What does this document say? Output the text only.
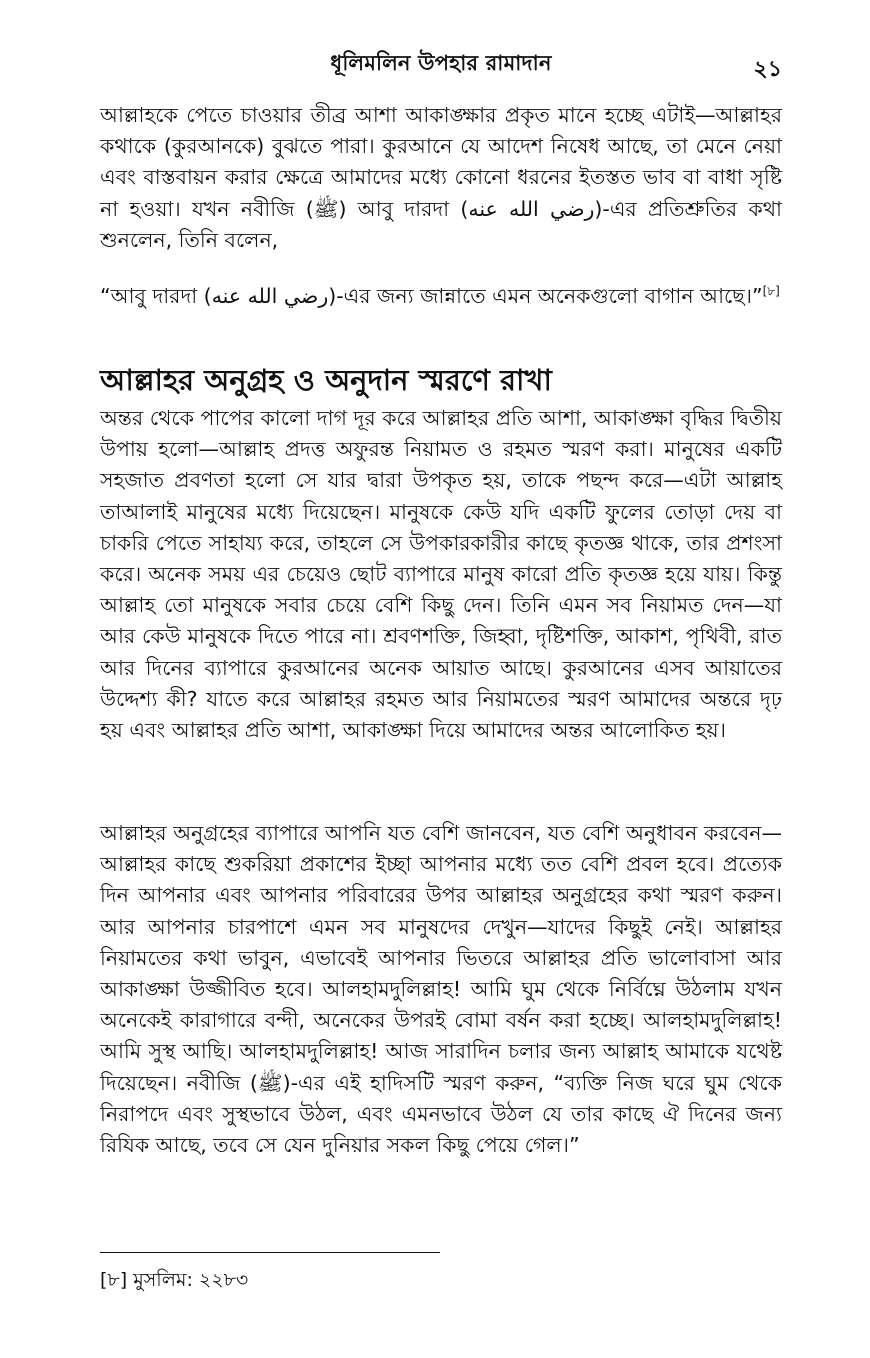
ধূলিমলিন উপহার রামাদান	২১

আল্লাহকে পেতে চাওয়ার তীব্র আশা আকাঙ্ক্ষার প্রকৃত মানে হচ্ছে এটাই—আল্লাহর কথাকে (কুরআনকে) বুঝতে পারা। কুরআনে যে আদেশ নিষেধ আছে, তা মেনে নেয়া এবং বাস্তবায়ন করার ক্ষেত্রে আমাদের মধ্যে কোনো ধরনের ইতস্তত ভাব বা বাধা সৃষ্টি না হওয়া। যখন নবীজি (ﷺ) আবু দারদা (رضي الله عنه)-এর প্রতিশ্রুতির কথা শুনলেন, তিনি বলেন,

“আবু দারদা (رضي الله عنه)-এর জন্য জান্নাতে এমন অনেকগুলো বাগান আছে।”[৮]

আল্লাহর অনুগ্রহ ও অনুদান স্মরণে রাখা

অন্তর থেকে পাপের কালো দাগ দূর করে আল্লাহর প্রতি আশা, আকাঙ্ক্ষা বৃদ্ধির দ্বিতীয় উপায় হলো—আল্লাহ প্রদত্ত অফুরন্ত নিয়ামত ও রহমত স্মরণ করা। মানুষের একটি সহজাত প্রবণতা হলো সে যার দ্বারা উপকৃত হয়, তাকে পছন্দ করে—এটা আল্লাহ তাআলাই মানুষের মধ্যে দিয়েছেন। মানুষকে কেউ যদি একটি ফুলের তোড়া দেয় বা চাকরি পেতে সাহায্য করে, তাহলে সে উপকারকারীর কাছে কৃতজ্ঞ থাকে, তার প্রশংসা করে। অনেক সময় এর চেয়েও ছোট ব্যাপারে মানুষ কারো প্রতি কৃতজ্ঞ হয়ে যায়। কিন্তু আল্লাহ তো মানুষকে সবার চেয়ে বেশি কিছু দেন। তিনি এমন সব নিয়ামত দেন—যা আর কেউ মানুষকে দিতে পারে না। শ্রবণশক্তি, জিহ্বা, দৃষ্টিশক্তি, আকাশ, পৃথিবী, রাত আর দিনের ব্যাপারে কুরআনের অনেক আয়াত আছে। কুরআনের এসব আয়াতের উদ্দেশ্য কী? যাতে করে আল্লাহর রহমত আর নিয়ামতের স্মরণ আমাদের অন্তরে দৃঢ় হয় এবং আল্লাহর প্রতি আশা, আকাঙ্ক্ষা দিয়ে আমাদের অন্তর আলোকিত হয়।

আল্লাহর অনুগ্রহের ব্যাপারে আপনি যত বেশি জানবেন, যত বেশি অনুধাবন করবেন—আল্লাহর কাছে শুকরিয়া প্রকাশের ইচ্ছা আপনার মধ্যে তত বেশি প্রবল হবে। প্রত্যেক দিন আপনার এবং আপনার পরিবারের উপর আল্লাহর অনুগ্রহের কথা স্মরণ করুন। আর আপনার চারপাশে এমন সব মানুষদের দেখুন—যাদের কিছুই নেই। আল্লাহর নিয়ামতের কথা ভাবুন, এভাবেই আপনার ভিতরে আল্লাহর প্রতি ভালোবাসা আর আকাঙ্ক্ষা উজ্জীবিত হবে। আলহামদুলিল্লাহ! আমি ঘুম থেকে নির্বিঘ্নে উঠলাম যখন অনেকেই কারাগারে বন্দী, অনেকের উপরই বোমা বর্ষন করা হচ্ছে। আলহামদুলিল্লাহ! আমি সুস্থ আছি। আলহামদুলিল্লাহ! আজ সারাদিন চলার জন্য আল্লাহ আমাকে যথেষ্ট দিয়েছেন। নবীজি (ﷺ)-এর এই হাদিসটি স্মরণ করুন, “ব্যক্তি নিজ ঘরে ঘুম থেকে নিরাপদে এবং সুস্থভাবে উঠল, এবং এমনভাবে উঠল যে তার কাছে ঐ দিনের জন্য রিযিক আছে, তবে সে যেন দুনিয়ার সকল কিছু পেয়ে গেল।”

[৮] মুসলিম: ২২৮৩
